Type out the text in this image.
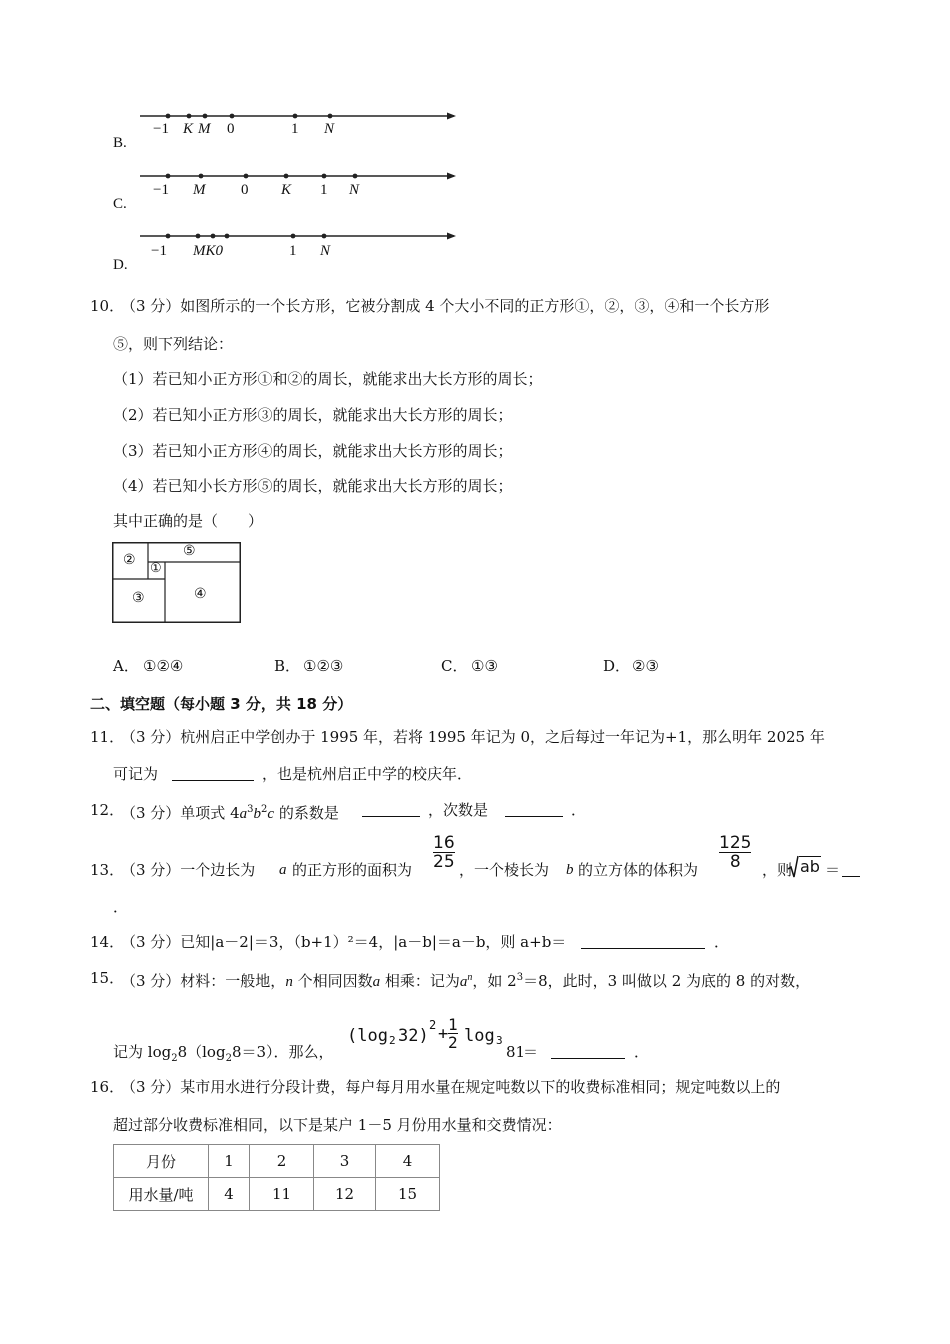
B.
−1 K M 0	1 N
C.
−1 M 0 K 1 N
D.
−1 MK0	1 N
10．
（3 分）如图所示的一个长方形，它被分割成 4 个大小不同的正方形①，②，③，④和一个长方形
⑤，则下列结论：
（1）若已知小正方形①和②的周长，就能求出大长方形的周长；
（2）若已知小正方形③的周长，就能求出大长方形的周长；
（3）若已知小正方形④的周长，就能求出大长方形的周长；
（4）若已知小长方形⑤的周长，就能求出大长方形的周长；
其中正确的是（　　）
②
①
③	④
⑤
A． ①②④	B． ①②③	C． ①③	D． ②③
二、填空题（每小题 3 分，共 18 分）
11．
（3 分）杭州启正中学创办于 1995 年，若将 1995 年记为 0，之后每过一年记为+1，那么明年 2025 年
可记为	，也是杭州启正中学的校庆年．
12．
（3 分）单项式 $4a^3b^2c$ 的系数是	，次数是	．
13．
（3 分）一个边长为 a 的正方形的面积为 $\frac{16}{25}$ ，一个棱长为 b 的立方体的体积为 $\frac{125}{8}$ ，则 ab ＝
．
14．
（3 分）已知|a－2|＝3，（b+1）²＝4，|a－b|＝a－b，则 a+b＝	．
15．
（3 分）材料：一般地，n 个相同因数a 相乘：记为$a^n$，如 $2^3=8$，此时，3 叫做以 2 为底的 8 的对数，
记为 $\log_28(\log_28=3)$．那么，
(log 2 32)
$2 + \frac{1}{2}$ log 3
81
＝	．
16．
（3 分）某市用水进行分段计费，每户每月用水量在规定吨数以下的收费标准相同；规定吨数以上的
超过部分收费标准相同，以下是某户 1－5 月份用水量和交费情况：
月份	1	2	3	4
用水量/吨	4	11	12	15
